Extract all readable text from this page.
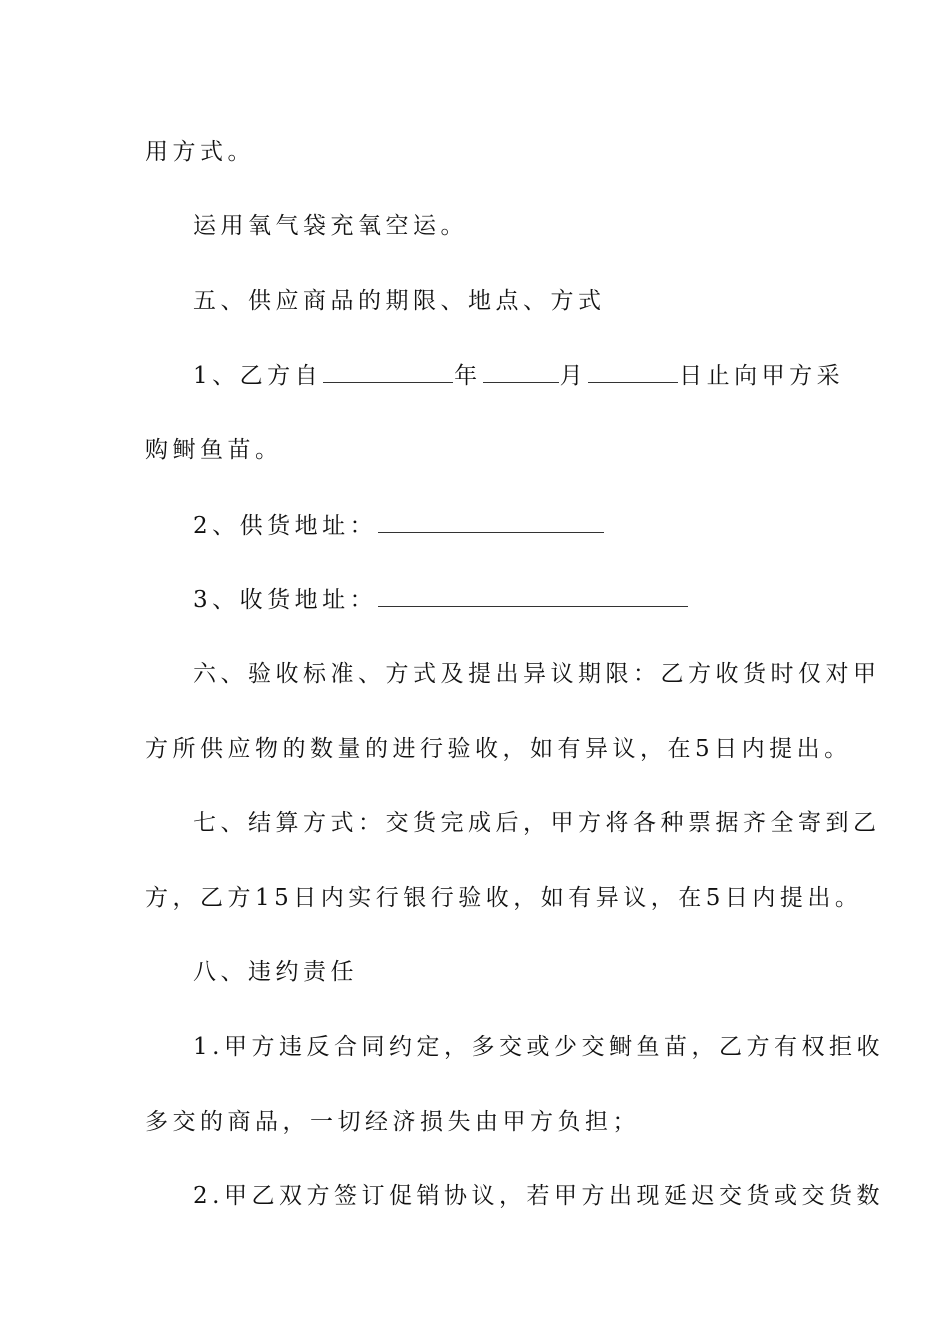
用方式。
运用氧气袋充氧空运。
五、供应商品的期限、地点、方式
1、乙方自	年	月	日止向甲方采
购鲥鱼苗。
2、供货地址：
3、收货地址：
六、验收标准、方式及提出异议期限：乙方收货时仅对甲
方所供应物的数量的进行验收，如有异议，在5日内提出。
七、结算方式：交货完成后，甲方将各种票据齐全寄到乙
方，乙方15日内实行银行验收，如有异议，在5日内提出。
八、违约责任
1.甲方违反合同约定，多交或少交鲥鱼苗，乙方有权拒收
多交的商品，一切经济损失由甲方负担；
2.甲乙双方签订促销协议，若甲方出现延迟交货或交货数
